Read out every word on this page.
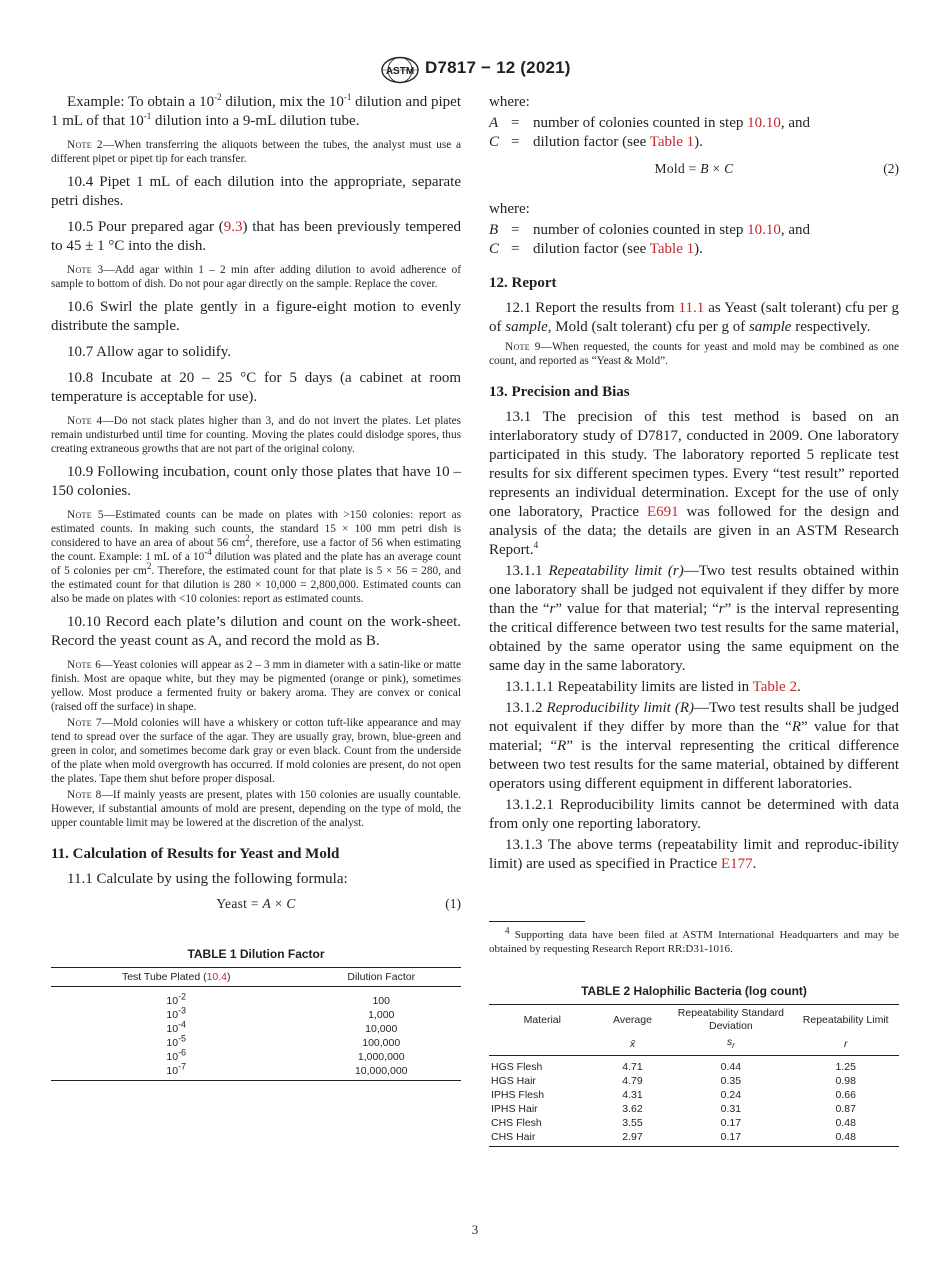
ASTM D7817 − 12 (2021)

Example: To obtain a $10^{-2}$ dilution, mix the $10^{-1}$ dilution and pipet 1 mL of that $10^{-1}$ dilution into a 9-mL dilution tube.

Note 2—When transferring the aliquots between the tubes, the analyst must use a different pipet or pipet tip for each transfer.

10.4 Pipet 1 mL of each dilution into the appropriate, separate petri dishes.

10.5 Pour prepared agar (9.3) that has been previously tempered to 45 ± 1 °C into the dish.

Note 3—Add agar within 1 – 2 min after adding dilution to avoid adherence of sample to bottom of dish. Do not pour agar directly on the sample. Replace the cover.

10.6 Swirl the plate gently in a figure-eight motion to evenly distribute the sample.

10.7 Allow agar to solidify.

10.8 Incubate at 20 – 25 °C for 5 days (a cabinet at room temperature is acceptable for use).

Note 4—Do not stack plates higher than 3, and do not invert the plates. Let plates remain undisturbed until time for counting. Moving the plates could dislodge spores, thus creating extraneous growths that are not part of the original colony.

10.9 Following incubation, count only those plates that have 10 – 150 colonies.

Note 5—Estimated counts can be made on plates with >150 colonies: report as estimated counts. In making such counts, the standard 15 × 100 mm petri dish is considered to have an area of about 56 $cm^2$, therefore, use a factor of 56 when estimating the count. Example: 1 mL of a $10^{-4}$ dilution was plated and the plate has an average count of 5 colonies per $cm^2$. Therefore, the estimated count for that plate is 5 × 56 = 280, and the estimated count for that dilution is 280 × 10,000 = 2,800,000. Estimated counts can also be made on plates with <10 colonies: report as estimated counts.

10.10 Record each plate’s dilution and count on the work-sheet. Record the yeast count as A, and record the mold as B.

Note 6—Yeast colonies will appear as 2 – 3 mm in diameter with a satin-like or matte finish. Most are opaque white, but they may be pigmented (orange or pink), sometimes yellow. Most produce a fermented fruity or bakery aroma. They are convex or conical (raised off the surface) in shape.

Note 7—Mold colonies will have a whiskery or cotton tuft-like appearance and may tend to spread over the surface of the agar. They are usually gray, brown, blue-green and green in color, and sometimes become dark gray or even black. Count from the underside of the plate when mold overgrowth has occurred. If mold colonies are present, do not open the plates. Tape them shut before proper disposal.

Note 8—If mainly yeasts are present, plates with 150 colonies are usually countable. However, if substantial amounts of mold are present, depending on the type of mold, the upper countable limit may be lowered at the discretion of the analyst.

11. Calculation of Results for Yeast and Mold

11.1 Calculate by using the following formula:

Yeast = A × C	(1)

TABLE 1 Dilution Factor

Test Tube Plated (10.4)	Dilution Factor
$10^{-2}$	100
$10^{-3}$	1,000
$10^{-4}$	10,000
$10^{-5}$	100,000
$10^{-6}$	1,000,000
$10^{-7}$	10,000,000

where:

A = number of colonies counted in step 10.10, and
C = dilution factor (see Table 1).
Mold = B × C	(2)

where:

B = number of colonies counted in step 10.10, and
C = dilution factor (see Table 1).
12. Report

12.1 Report the results from 11.1 as Yeast (salt tolerant) cfu per g of sample, Mold (salt tolerant) cfu per g of sample respectively.

Note 9—When requested, the counts for yeast and mold may be combined as one count, and reported as “Yeast & Mold”.

13. Precision and Bias

13.1 The precision of this test method is based on an interlaboratory study of D7817, conducted in 2009. One laboratory participated in this study. The laboratory reported 5 replicate test results for six different specimen types. Every “test result” reported represents an individual determination. Except for the use of only one laboratory, Practice E691 was followed for the design and analysis of the data; the details are given in an ASTM Research Report.$^4$

13.1.1 Repeatability limit (r)—Two test results obtained within one laboratory shall be judged not equivalent if they differ by more than the “r” value for that material; “r” is the interval representing the critical difference between two test results for the same material, obtained by the same operator using the same equipment on the same day in the same laboratory.

13.1.1.1 Repeatability limits are listed in Table 2.

13.1.2 Reproducibility limit (R)—Two test results shall be judged not equivalent if they differ by more than the “R” value for that material; “R” is the interval representing the critical difference between two test results for the same material, obtained by different operators using different equipment in different laboratories.

13.1.2.1 Reproducibility limits cannot be determined with data from only one reporting laboratory.

13.1.3 The above terms (repeatability limit and reproduc-ibility limit) are used as specified in Practice E177.

$^4$ Supporting data have been filed at ASTM International Headquarters and may be obtained by requesting Research Report RR:D31-1016.

TABLE 2 Halophilic Bacteria (log count)

Material	Average	Repeatability Standard Deviation	Repeatability Limit
	x̄	$s_r$	r
HGS Flesh	4.71	0.44	1.25
HGS Hair	4.79	0.35	0.98
IPHS Flesh	4.31	0.24	0.66
IPHS Hair	3.62	0.31	0.87
CHS Flesh	3.55	0.17	0.48
CHS Hair	2.97	0.17	0.48
3
